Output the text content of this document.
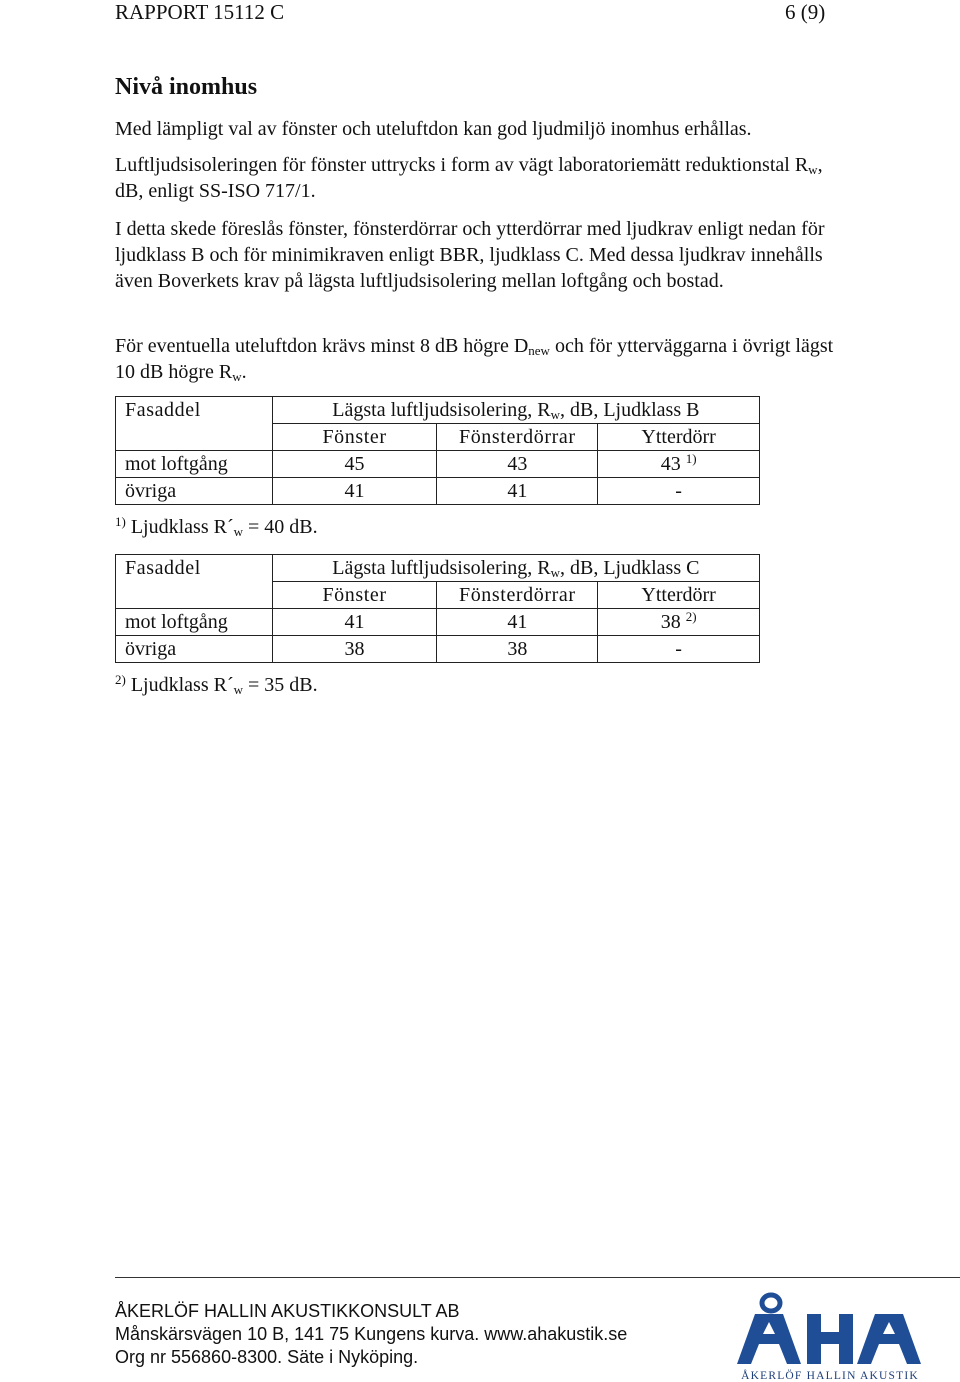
RAPPORT 15112 C	6 (9)
Nivå inomhus
Med lämpligt val av fönster och uteluftdon kan god ljudmiljö inomhus erhållas.
Luftljudsisoleringen för fönster uttrycks i form av vägt laboratoriemätt reduktionstal $R_w$, dB, enligt SS-ISO 717/1.
I detta skede föreslås fönster, fönsterdörrar och ytterdörrar med ljudkrav enligt nedan för ljudklass B och för minimikraven enligt BBR, ljudklass C. Med dessa ljudkrav innehålls även Boverkets krav på lägsta luftljudsisolering mellan loftgång och bostad.
För eventuella uteluftdon krävs minst 8 dB högre $D_{new}$ och för ytterväggarna i övrigt lägst 10 dB högre $R_w$.
Fasaddel	Lägsta luftljudsisolering, $R_w$, dB, Ljudklass B		
	Fönster	Fönsterdörrar	Ytterdörr
mot loftgång	45	43	43 $^{1)}$
övriga	41	41	-
$^{1)}$ Ljudklass $R´_w = 40$ dB.
Fasaddel	Lägsta luftljudsisolering, $R_w$, dB, Ljudklass C		
	Fönster	Fönsterdörrar	Ytterdörr
mot loftgång	41	41	38 $^{2)}$
övriga	38	38	-
$^{2)}$ Ljudklass $R´_w = 35$ dB.
ÅKERLÖF HALLIN AKUSTIKKONSULT AB
Månskärsvägen 10 B, 141 75 Kungens kurva. www.ahakustik.se
Org nr 556860-8300. Säte i Nyköping.
ÅKERLÖF HALLIN AKUSTIK
